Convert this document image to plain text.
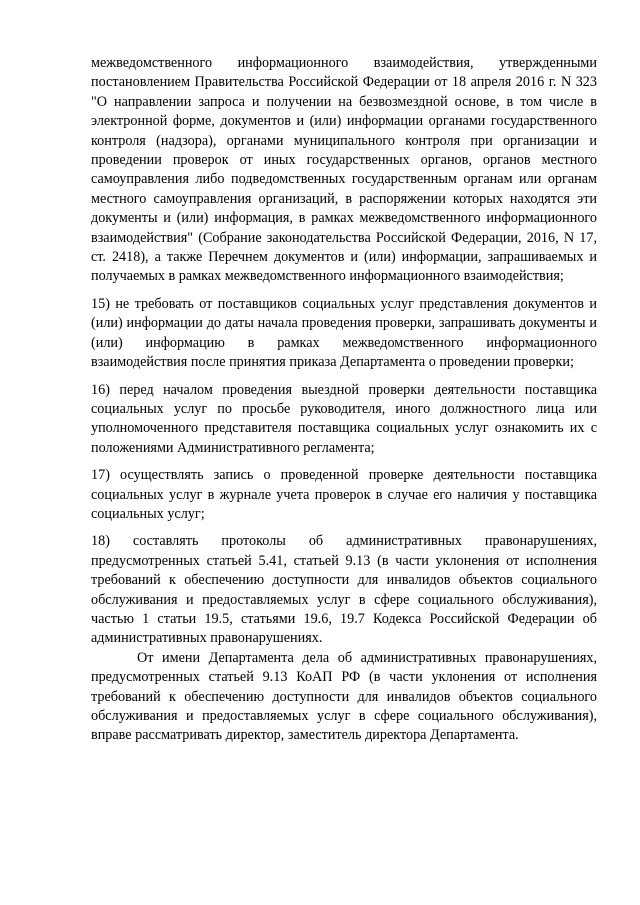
межведомственного информационного взаимодействия, утвержденными постановлением Правительства Российской Федерации от 18 апреля 2016 г. N 323 "О направлении запроса и получении на безвозмездной основе, в том числе в электронной форме, документов и (или) информации органами государственного контроля (надзора), органами муниципального контроля при организации и проведении проверок от иных государственных органов, органов местного самоуправления либо подведомственных государственным органам или органам местного самоуправления организаций, в распоряжении которых находятся эти документы и (или) информация, в рамках межведомственного информационного взаимодействия" (Собрание законодательства Российской Федерации, 2016, N 17, ст. 2418), а также Перечнем документов и (или) информации, запрашиваемых и получаемых в рамках межведомственного информационного взаимодействия;

15) не требовать от поставщиков социальных услуг представления документов и (или) информации до даты начала проведения проверки, запрашивать документы и (или) информацию в рамках межведомственного информационного взаимодействия после принятия приказа Департамента о проведении проверки;

16) перед началом проведения выездной проверки деятельности поставщика социальных услуг по просьбе руководителя, иного должностного лица или уполномоченного представителя поставщика социальных услуг ознакомить их с положениями Административного регламента;

17) осуществлять запись о проведенной проверке деятельности поставщика социальных услуг в журнале учета проверок в случае его наличия у поставщика социальных услуг;

18) составлять протоколы об административных правонарушениях, предусмотренных статьей 5.41, статьей 9.13 (в части уклонения от исполнения требований к обеспечению доступности для инвалидов объектов социального обслуживания и предоставляемых услуг в сфере социального обслуживания), частью 1 статьи 19.5, статьями 19.6, 19.7 Кодекса Российской Федерации об административных правонарушениях.

От имени Департамента дела об административных правонарушениях, предусмотренных статьей 9.13 КоАП РФ (в части уклонения от исполнения требований к обеспечению доступности для инвалидов объектов социального обслуживания и предоставляемых услуг в сфере социального обслуживания), вправе рассматривать директор, заместитель директора Департамента.
